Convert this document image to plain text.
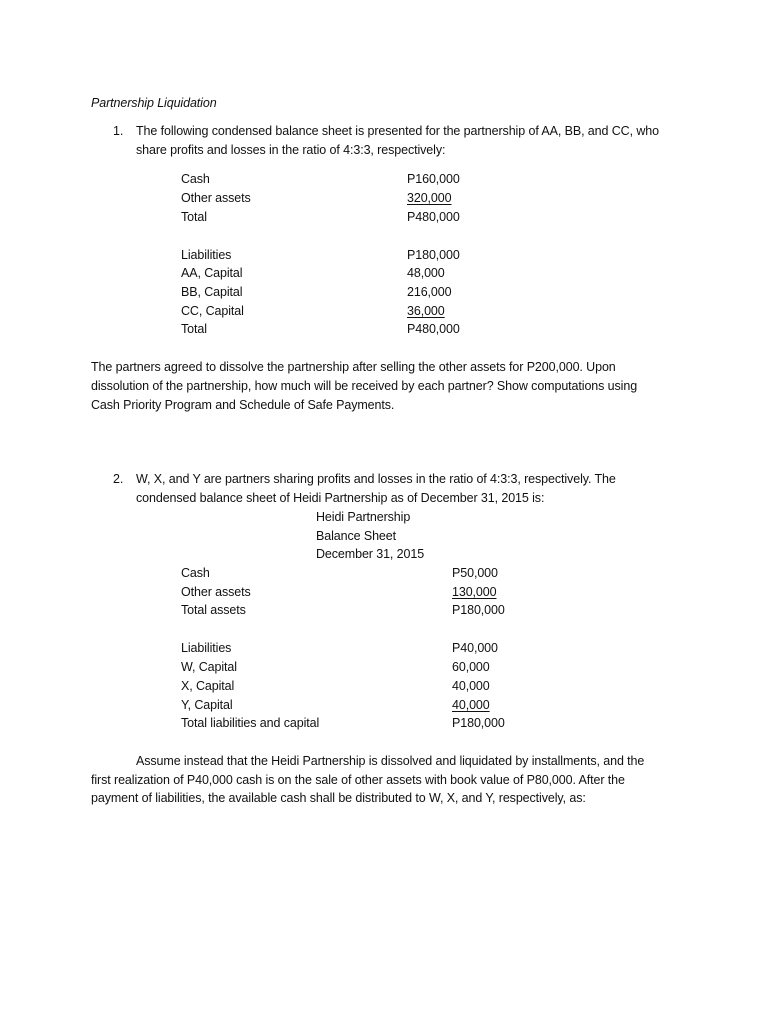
Partnership Liquidation
1. The following condensed balance sheet is presented for the partnership of AA, BB, and CC, who
share profits and losses in the ratio of 4:3:3, respectively:
Cash	P160,000
Other assets	320,000
Total	P480,000
Liabilities	P180,000
AA, Capital	48,000
BB, Capital	216,000
CC, Capital	36,000
Total	P480,000
The partners agreed to dissolve the partnership after selling the other assets for P200,000. Upon
dissolution of the partnership, how much will be received by each partner? Show computations using
Cash Priority Program and Schedule of Safe Payments.
2. W, X, and Y are partners sharing profits and losses in the ratio of 4:3:3, respectively. The
condensed balance sheet of Heidi Partnership as of December 31, 2015 is:
Heidi Partnership
Balance Sheet
December 31, 2015
Cash	P50,000
Other assets	130,000
Total assets	P180,000
Liabilities	P40,000
W, Capital	60,000
X, Capital	40,000
Y, Capital	40,000
Total liabilities and capital	P180,000
Assume instead that the Heidi Partnership is dissolved and liquidated by installments, and the
first realization of P40,000 cash is on the sale of other assets with book value of P80,000. After the
payment of liabilities, the available cash shall be distributed to W, X, and Y, respectively, as:
